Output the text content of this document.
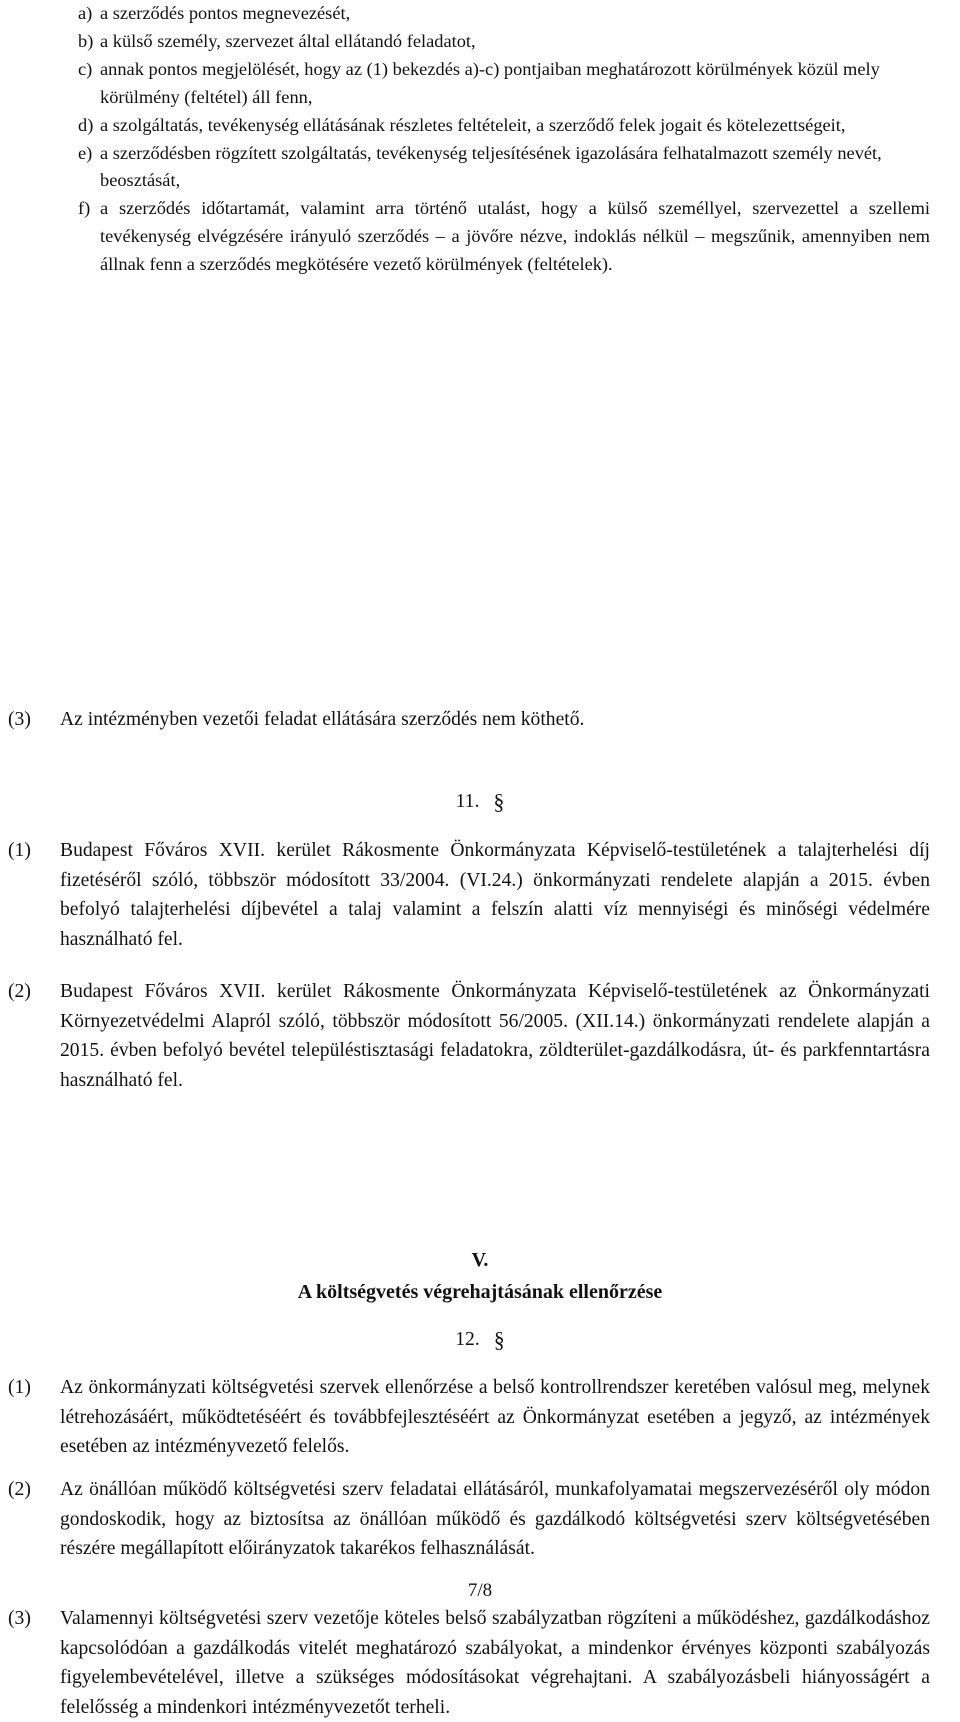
a) a szerződés pontos megnevezését,
b) a külső személy, szervezet által ellátandó feladatot,
c) annak pontos megjelölését, hogy az (1) bekezdés a)-c) pontjaiban meghatározott körülmények közül mely körülmény (feltétel) áll fenn,
d) a szolgáltatás, tevékenység ellátásának részletes feltételeit, a szerződő felek jogait és kötelezettségeit,
e) a szerződésben rögzített szolgáltatás, tevékenység teljesítésének igazolására felhatalmazott személy nevét, beosztását,
f) a szerződés időtartamát, valamint arra történő utalást, hogy a külső személlyel, szervezettel a szellemi tevékenység elvégzésére irányuló szerződés – a jövőre nézve, indoklás nélkül – megszűnik, amennyiben nem állnak fenn a szerződés megkötésére vezető körülmények (feltételek).
(3)	Az intézményben vezetői feladat ellátására szerződés nem köthető.
11. §
(1)	Budapest Főváros XVII. kerület Rákosmente Önkormányzata Képviselő-testületének a talajterhelési díj fizetéséről szóló, többször módosított 33/2004. (VI.24.) önkormányzati rendelete alapján a 2015. évben befolyó talajterhelési díjbevétel a talaj valamint a felszín alatti víz mennyiségi és minőségi védelmére használható fel.
(2)	Budapest Főváros XVII. kerület Rákosmente Önkormányzata Képviselő-testületének az Önkormányzati Környezetvédelmi Alapról szóló, többször módosított 56/2005. (XII.14.) önkormányzati rendelete alapján a 2015. évben befolyó bevétel településtisztasági feladatokra, zöldterület-gazdálkodásra, út- és parkfenntartásra használható fel.
V.
A költségvetés végrehajtásának ellenőrzése
12. §
(1)	Az önkormányzati költségvetési szervek ellenőrzése a belső kontrollrendszer keretében valósul meg, melynek létrehozásáért, működtetéséért és továbbfejlesztéséért az Önkormányzat esetében a jegyző, az intézmények esetében az intézményvezető felelős.
(2)	Az önállóan működő költségvetési szerv feladatai ellátásáról, munkafolyamatai megszervezéséről oly módon gondoskodik, hogy az biztosítsa az önállóan működő és gazdálkodó költségvetési szerv költségvetésében részére megállapított előirányzatok takarékos felhasználását.
(3)	Valamennyi költségvetési szerv vezetője köteles belső szabályzatban rögzíteni a működéshez, gazdálkodáshoz kapcsolódóan a gazdálkodás vitelét meghatározó szabályokat, a mindenkor érvényes központi szabályozás figyelembevételével, illetve a szükséges módosításokat végrehajtani. A szabályozásbeli hiányosságért a felelősség a mindenkori intézményvezetőt terheli.
7/8
